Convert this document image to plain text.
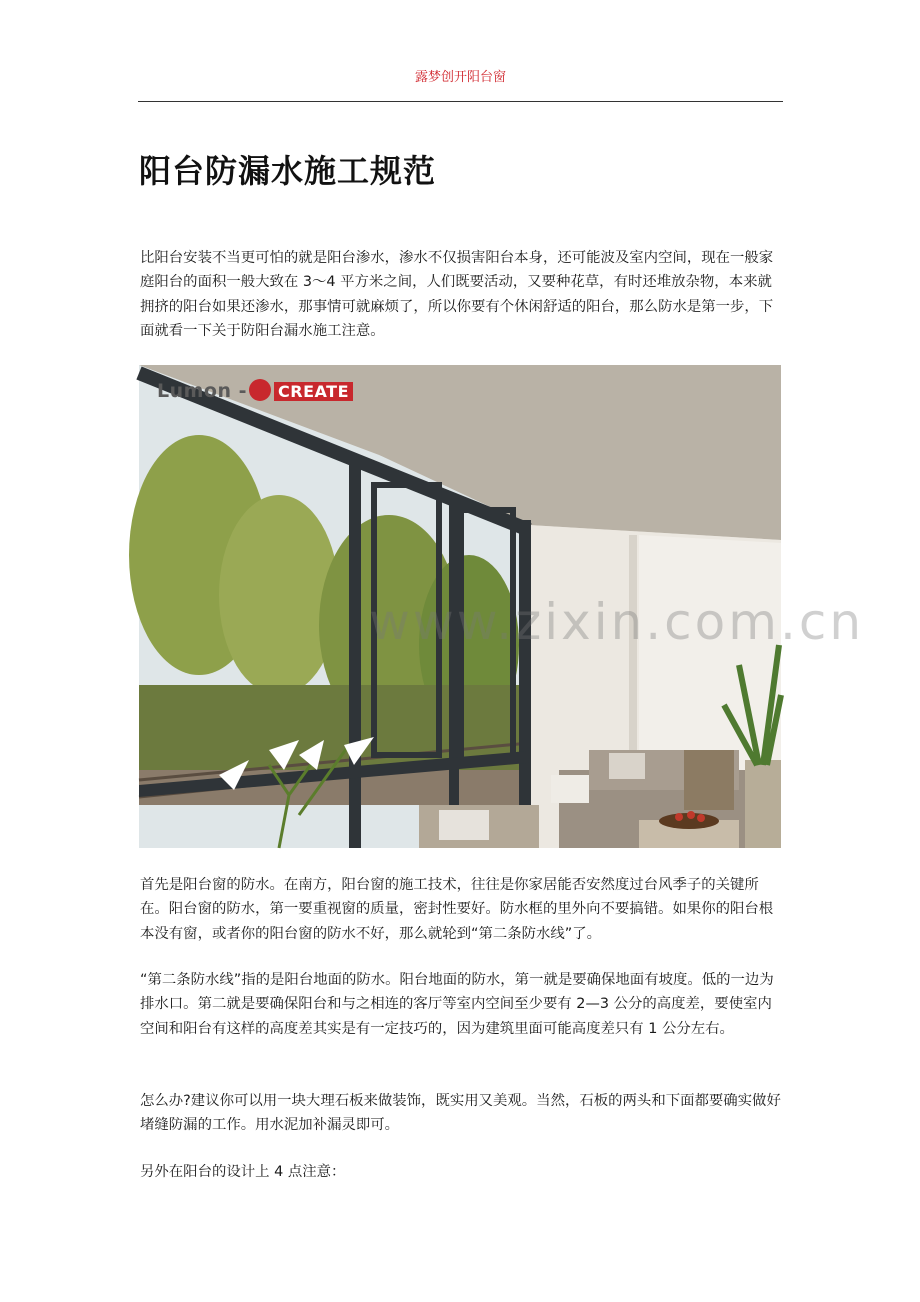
露梦创开阳台窗
阳台防漏水施工规范

比阳台安装不当更可怕的就是阳台渗水，渗水不仅损害阳台本身，还可能波及室内空间，现在一般家庭阳台的面积一般大致在 3～4 平方米之间，人们既要活动，又要种花草，有时还堆放杂物，本来就拥挤的阳台如果还渗水，那事情可就麻烦了，所以你要有个休闲舒适的阳台，那么防水是第一步，下面就看一下关于防阳台漏水施工注意。

Lumon - CREATE
www.zixin.com.cn

首先是阳台窗的防水。在南方，阳台窗的施工技术，往往是你家居能否安然度过台风季子的关键所在。阳台窗的防水，第一要重视窗的质量，密封性要好。防水框的里外向不要搞错。如果你的阳台根本没有窗，或者你的阳台窗的防水不好，那么就轮到“第二条防水线”了。

“第二条防水线”指的是阳台地面的防水。阳台地面的防水，第一就是要确保地面有坡度。低的一边为排水口。第二就是要确保阳台和与之相连的客厅等室内空间至少要有 2—3 公分的高度差，要使室内空间和阳台有这样的高度差其实是有一定技巧的，因为建筑里面可能高度差只有 1 公分左右。

怎么办?建议你可以用一块大理石板来做装饰，既实用又美观。当然，石板的两头和下面都要确实做好堵缝防漏的工作。用水泥加补漏灵即可。

另外在阳台的设计上 4 点注意：
